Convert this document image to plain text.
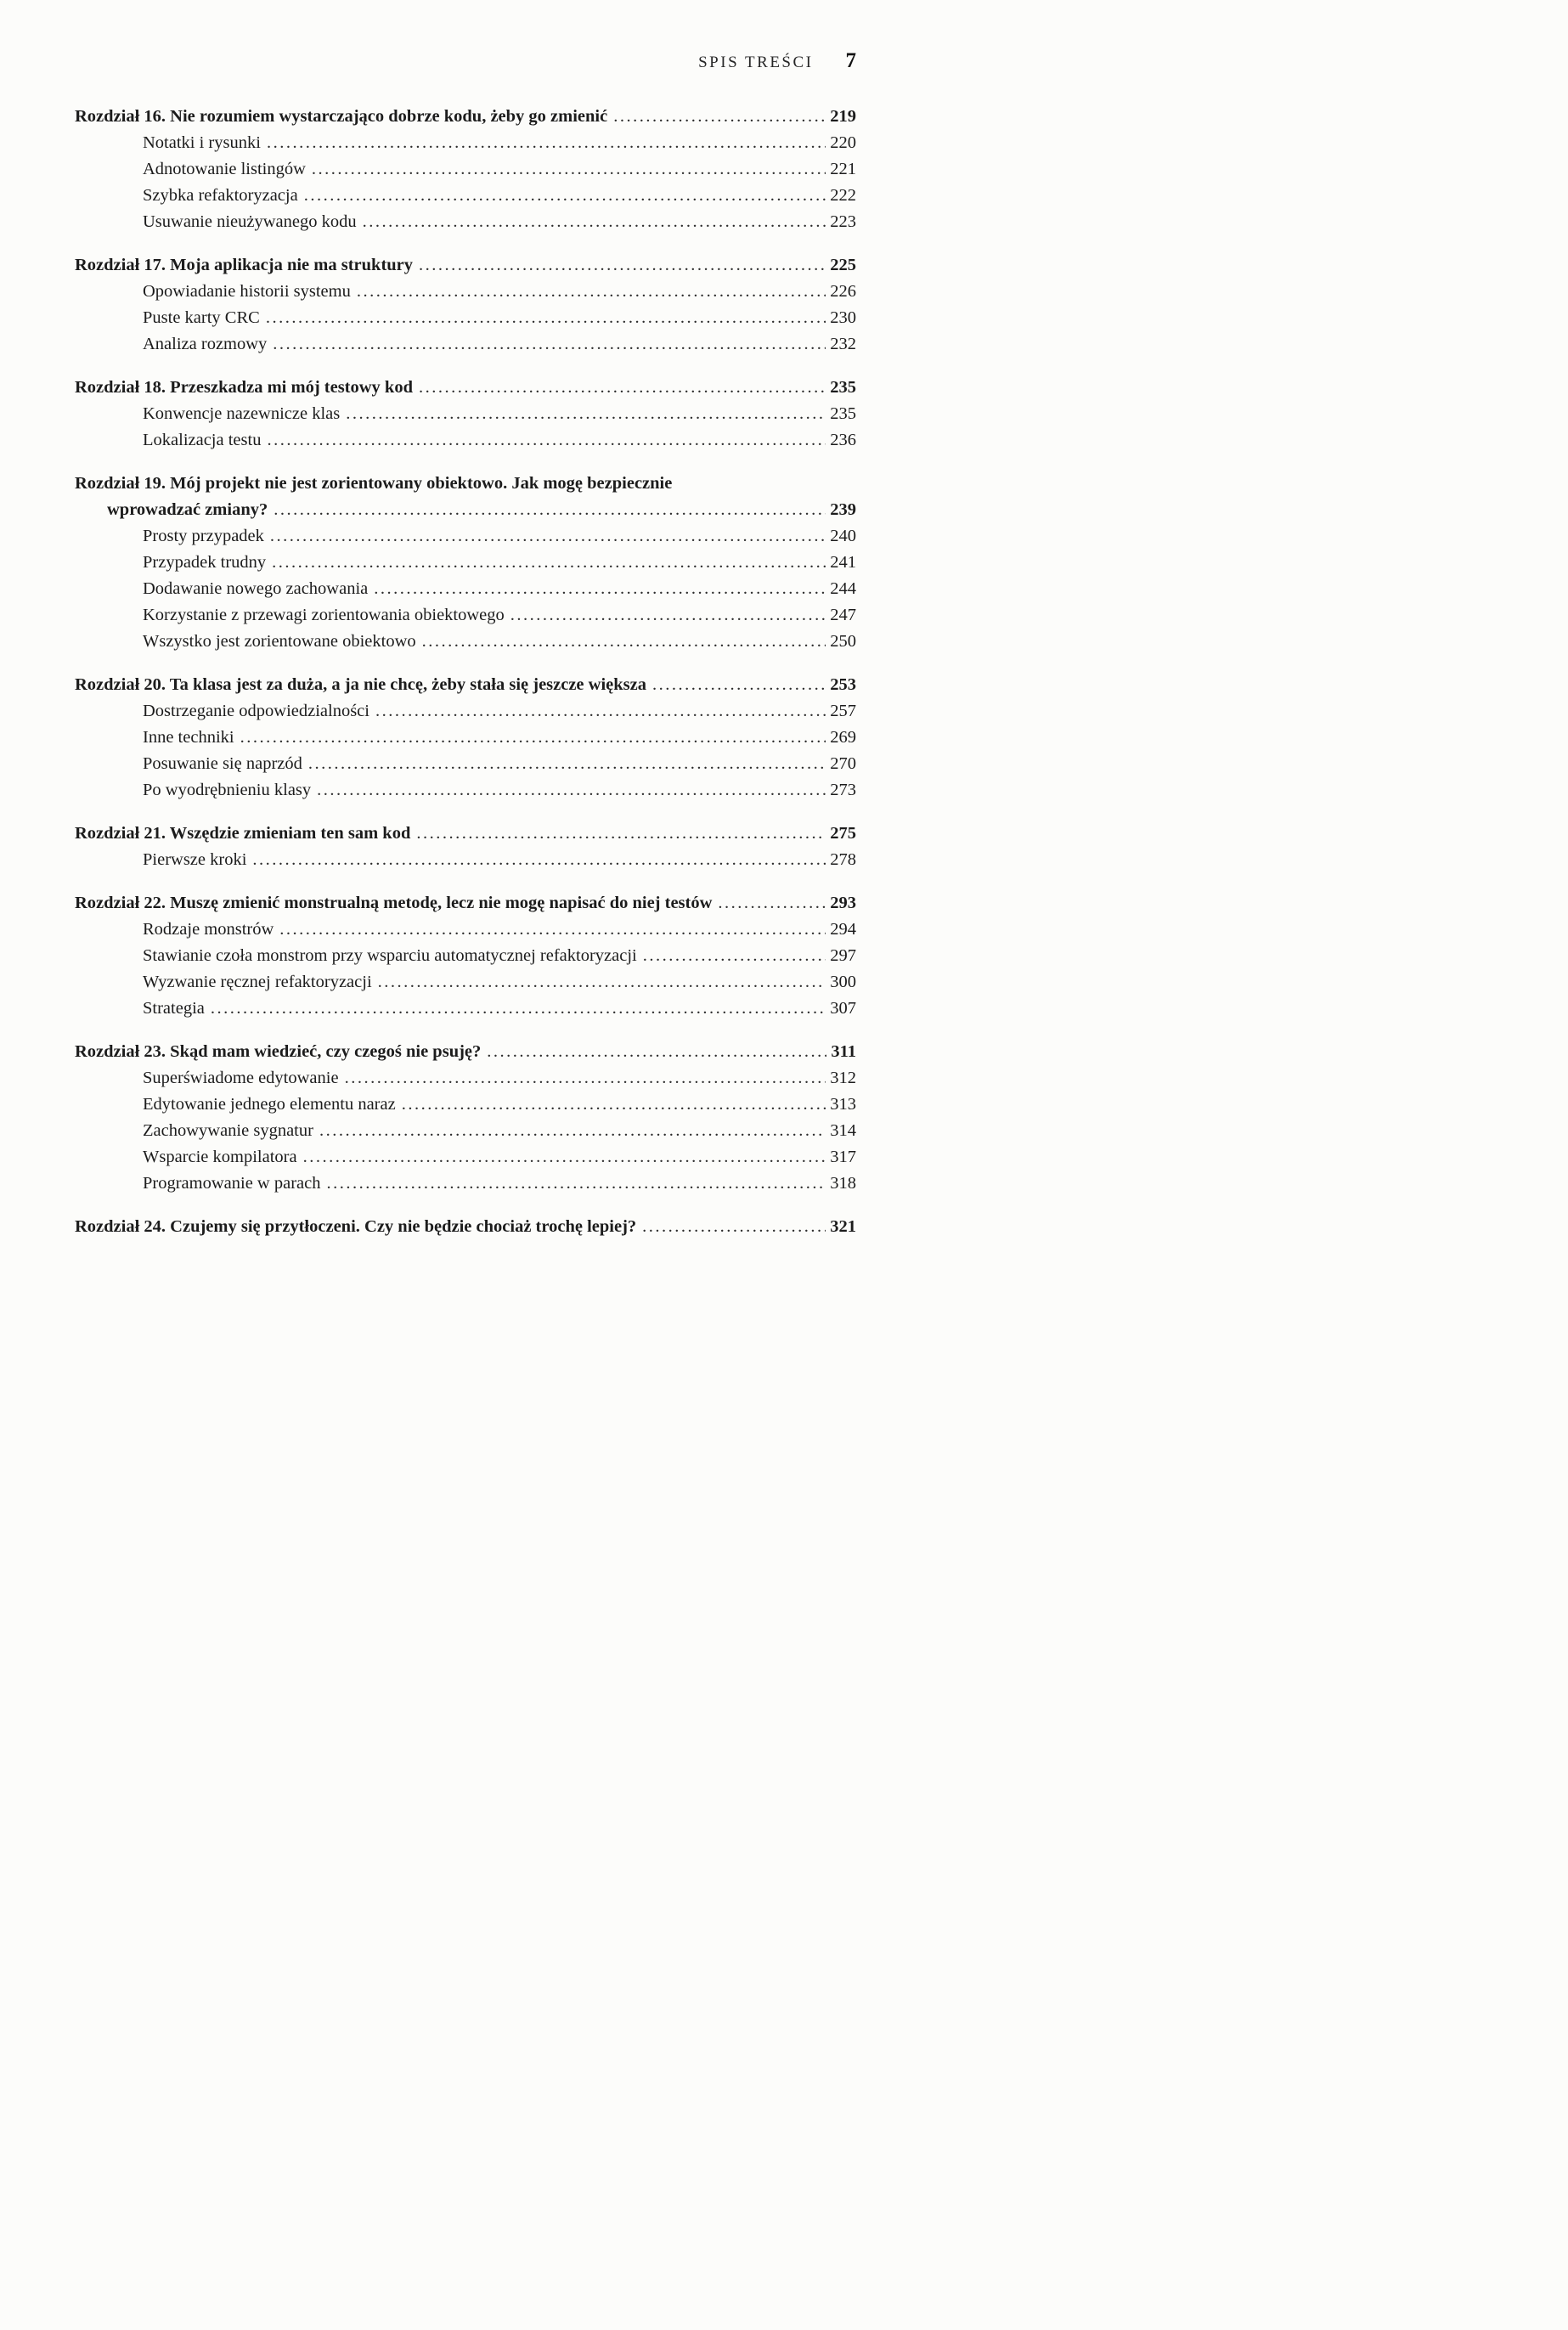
SPIS TREŚCI 7
Rozdział 16. Nie rozumiem wystarczająco dobrze kodu, żeby go zmienić .....	219
Notatki i rysunki .....	220
Adnotowanie listingów .....	221
Szybka refaktoryzacja .....	222
Usuwanie nieużywanego kodu .....	223
Rozdział 17. Moja aplikacja nie ma struktury .....	225
Opowiadanie historii systemu .....	226
Puste karty CRC .....	230
Analiza rozmowy .....	232
Rozdział 18. Przeszkadza mi mój testowy kod .....	235
Konwencje nazewnicze klas .....	235
Lokalizacja testu .....	236
Rozdział 19. Mój projekt nie jest zorientowany obiektowo. Jak mogę bezpiecznie
wprowadzać zmiany? .....	239
Prosty przypadek .....	240
Przypadek trudny .....	241
Dodawanie nowego zachowania .....	244
Korzystanie z przewagi zorientowania obiektowego .....	247
Wszystko jest zorientowane obiektowo .....	250
Rozdział 20. Ta klasa jest za duża, a ja nie chcę, żeby stała się jeszcze większa .....	253
Dostrzeganie odpowiedzialności .....	257
Inne techniki .....	269
Posuwanie się naprzód .....	270
Po wyodrębnieniu klasy .....	273
Rozdział 21. Wszędzie zmieniam ten sam kod .....	275
Pierwsze kroki .....	278
Rozdział 22. Muszę zmienić monstrualną metodę, lecz nie mogę napisać do niej testów .....	293
Rodzaje monstrów .....	294
Stawianie czoła monstrom przy wsparciu automatycznej refaktoryzacji .....	297
Wyzwanie ręcznej refaktoryzacji .....	300
Strategia .....	307
Rozdział 23. Skąd mam wiedzieć, czy czegoś nie psuję? .....	311
Superświadome edytowanie .....	312
Edytowanie jednego elementu naraz .....	313
Zachowywanie sygnatur .....	314
Wsparcie kompilatora .....	317
Programowanie w parach .....	318
Rozdział 24. Czujemy się przytłoczeni. Czy nie będzie chociaż trochę lepiej? .....	321
